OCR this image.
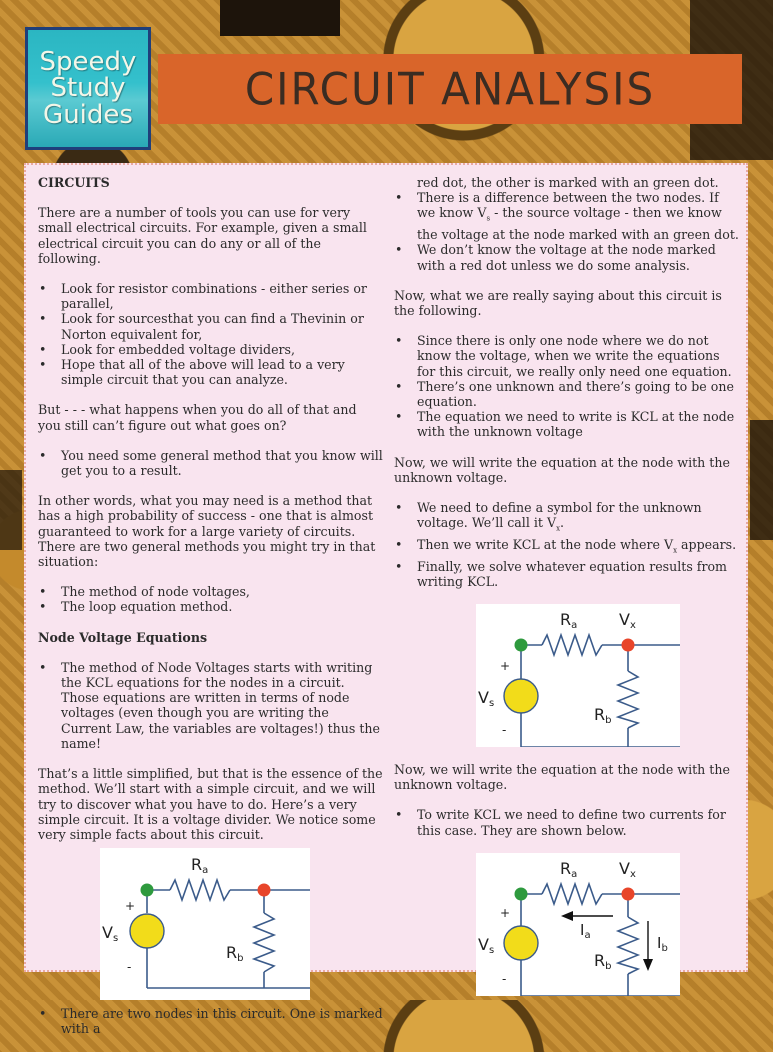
Speedy
Study
Guides
CIRCUIT ANALYSIS
CIRCUITS

There are a number of tools you can use for very small electrical circuits. For example, given a small electrical circuit you can do any or all of the following.

• Look for resistor combinations - either series or parallel,
• Look for sourcesthat you can find a Thevinin or Norton equivalent for,
• Look for embedded voltage dividers,
• Hope that all of the above will lead to a very simple circuit that you can analyze.

But - - - what happens when you do all of that and you still can’t figure out what goes on?

• You need some general method that you know will get you to a result.

In other words, what you may need is a method that has a high probability of success - one that is almost guaranteed to work for a large variety of circuits. There are two general methods you might try in that situation:

• The method of node voltages,
• The loop equation method.
Node Voltage Equations
• The method of Node Voltages starts with writing the KCL equations for the nodes in a circuit. Those equations are written in terms of node voltages (even though you are writing the Current Law, the variables are voltages!) thus the name!

That’s a little simplified, but that is the essence of the method. We’ll start with a simple circuit, and we will try to discover what you have to do. Here’s a very simple circuit. It is a voltage divider. We notice some very simple facts about this circuit.

Ra
Rb
Vs
+
-
• There are two nodes in this circuit. One is marked with a
red dot, the other is marked with an green dot.
• There is a difference between the two nodes. If we know $V_s$ - the source voltage - then we know the voltage at the node marked with an green dot.
• We don’t know the voltage at the node marked with a red dot unless we do some analysis.

Now, what we are really saying about this circuit is the following.

• Since there is only one node where we do not know the voltage, when we write the equations for this circuit, we really only need one equation.
• There’s one unknown and there’s going to be one equation.
• The equation we need to write is KCL at the node with the unknown voltage

Now, we will write the equation at the node with the unknown voltage.

• We need to define a symbol for the unknown voltage. We’ll call it $V_x$.
• Then we write KCL at the node where $V_x$ appears.
• Finally, we solve whatever equation results from writing KCL.
Ra	Vx
Rb
Vs
+
-

Now, we will write the equation at the node with the unknown voltage.

• To write KCL we need to define two currents for this case. They are shown below.
Ra	Vx
$I_a$	$I_b$
Rb
Vs
+
-
